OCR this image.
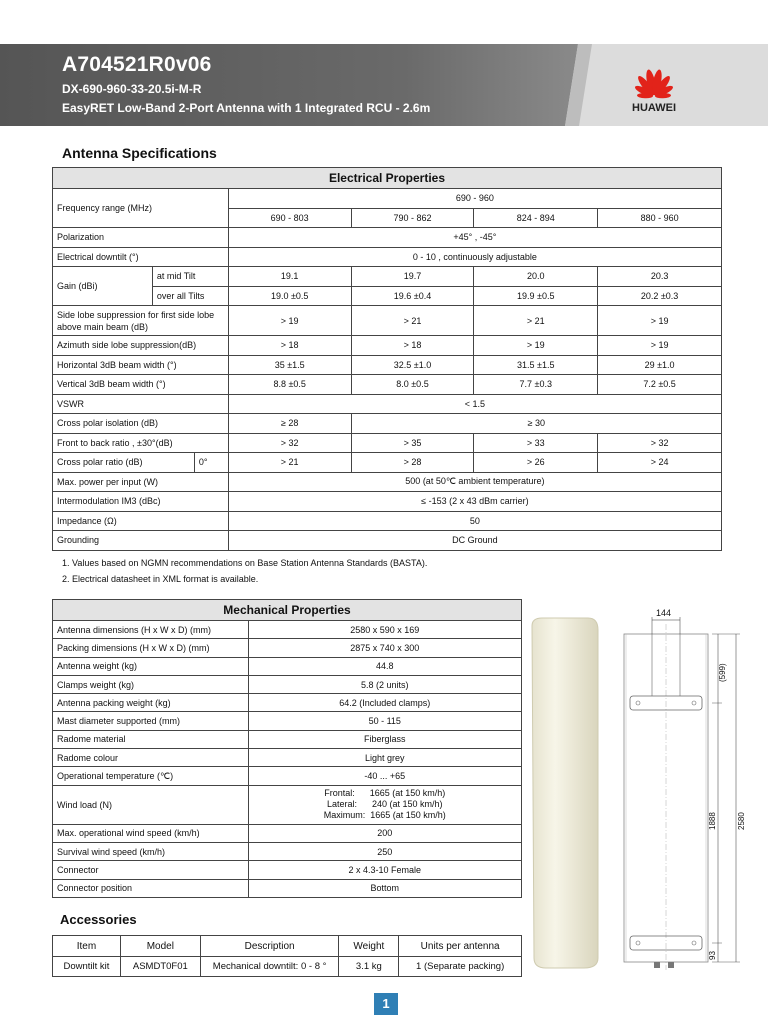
A704521R0v06
DX-690-960-33-20.5i-M-R
EasyRET Low-Band 2-Port Antenna with 1 Integrated RCU - 2.6m	HUAWEI
Antenna Specifications
Electrical Properties						
Frequency range (MHz)			690 - 960			
			690 - 803	790 - 862	824 - 894	880 - 960
Polarization			+45° , -45°			
Electrical downtilt (°)			0 - 10 , continuously adjustable			
Gain (dBi)	at mid Tilt		19.1	19.7	20.0	20.3
	over all Tilts		19.0 ±0.5	19.6 ±0.4	19.9 ±0.5	20.2 ±0.3
Side lobe suppression for first side lobe above main beam (dB)			> 19	> 21	> 21	> 19
Azimuth side lobe suppression(dB)			> 18	> 18	> 19	> 19
Horizontal 3dB beam width (°)			35 ±1.5	32.5 ±1.0	31.5 ±1.5	29 ±1.0
Vertical 3dB beam width (°)			8.8 ±0.5	8.0 ±0.5	7.7 ±0.3	7.2 ±0.5
VSWR			< 1.5			
Cross polar isolation (dB)			≥ 28	≥ 30		
Front to back ratio , ±30°(dB)			> 32	> 35	> 33	> 32
Cross polar ratio (dB)		0°	> 21	> 28	> 26	> 24
Max. power per input (W)			500 (at 50℃ ambient temperature)			
Intermodulation IM3 (dBc)			≤ -153 (2 x 43 dBm carrier)			
Impedance (Ω)			50			
Grounding			DC Ground			
1. Values based on NGMN recommendations on Base Station Antenna Standards (BASTA).
2. Electrical datasheet in XML format is available.
Mechanical Properties	
Antenna dimensions (H x W x D) (mm)	2580 x 590 x 169
Packing dimensions (H x W x D) (mm)	2875 x 740 x 300
Antenna weight (kg)	44.8
Clamps weight (kg)	5.8 (2 units)
Antenna packing weight (kg)	64.2 (Included clamps)
Mast diameter supported (mm)	50 - 115
Radome material	Fiberglass
Radome colour	Light grey
Operational temperature (℃)	-40 ... +65
Wind load (N)	Frontal:      1665 (at 150 km/h)
Lateral:      240 (at 150 km/h)
Maximum:  1665 (at 150 km/h)

Max. operational wind speed (km/h)	200
Survival wind speed (km/h)	250
Connector	2 x 4.3-10 Female
Connector position	Bottom
Accessories
Item	Model	Description	Weight	Units per antenna
Downtilt kit	ASMDT0F01	Mechanical downtilt: 0 - 8 °	3.1 kg	1 (Separate packing)
144
(599)
1888	2580
93
1
